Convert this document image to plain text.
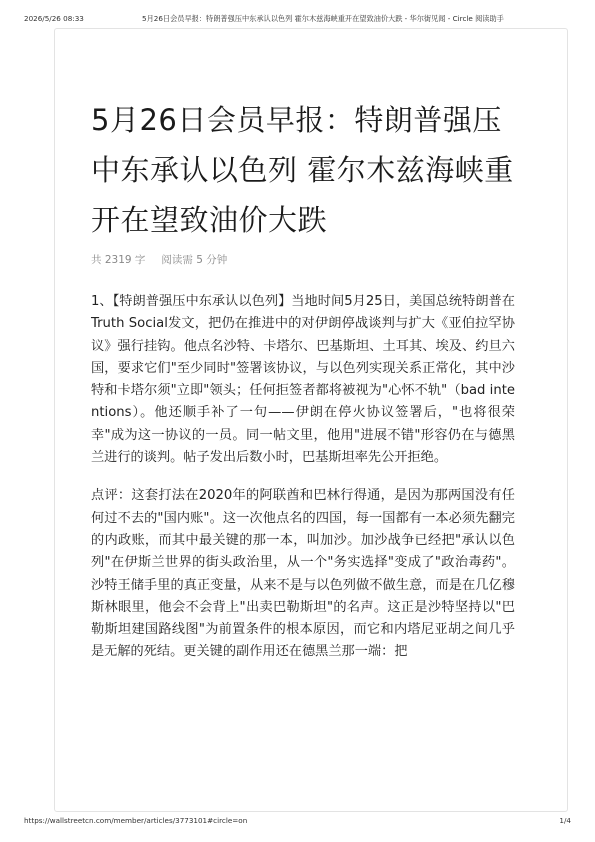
2026/5/26 08:33	5月26日会员早报：特朗普强压中东承认以色列 霍尔木兹海峡重开在望致油价大跌 - 华尔街见闻 - Circle 阅读助手
5月26日会员早报：特朗普强压中东承认以色列 霍尔木兹海峡重开在望致油价大跌
共 2319 字 阅读需 5 分钟

1、【特朗普强压中东承认以色列】当地时间5月25日，美国总统特朗普在Truth Social发文，把仍在推进中的对伊朗停战谈判与扩大《亚伯拉罕协议》强行挂钩。他点名沙特、卡塔尔、巴基斯坦、土耳其、埃及、约旦六国，要求它们"至少同时"签署该协议，与以色列实现关系正常化，其中沙特和卡塔尔须"立即"领头；任何拒签者都将被视为"心怀不轨"（bad intentions）。他还顺手补了一句——伊朗在停火协议签署后，"也将很荣幸"成为这一协议的一员。同一帖文里，他用"进展不错"形容仍在与德黑兰进行的谈判。帖子发出后数小时，巴基斯坦率先公开拒绝。

点评：这套打法在2020年的阿联酋和巴林行得通，是因为那两国没有任何过不去的"国内账"。这一次他点名的四国，每一国都有一本必须先翻完的内政账，而其中最关键的那一本，叫加沙。加沙战争已经把"承认以色列"在伊斯兰世界的街头政治里，从一个"务实选择"变成了"政治毒药"。沙特王储手里的真正变量，从来不是与以色列做不做生意，而是在几亿穆斯林眼里，他会不会背上"出卖巴勒斯坦"的名声。这正是沙特坚持以"巴勒斯坦建国路线图"为前置条件的根本原因，而它和内塔尼亚胡之间几乎是无解的死结。更关键的副作用还在德黑兰那一端：把

https://wallstreetcn.com/member/articles/3773101#circle=on	1/4
